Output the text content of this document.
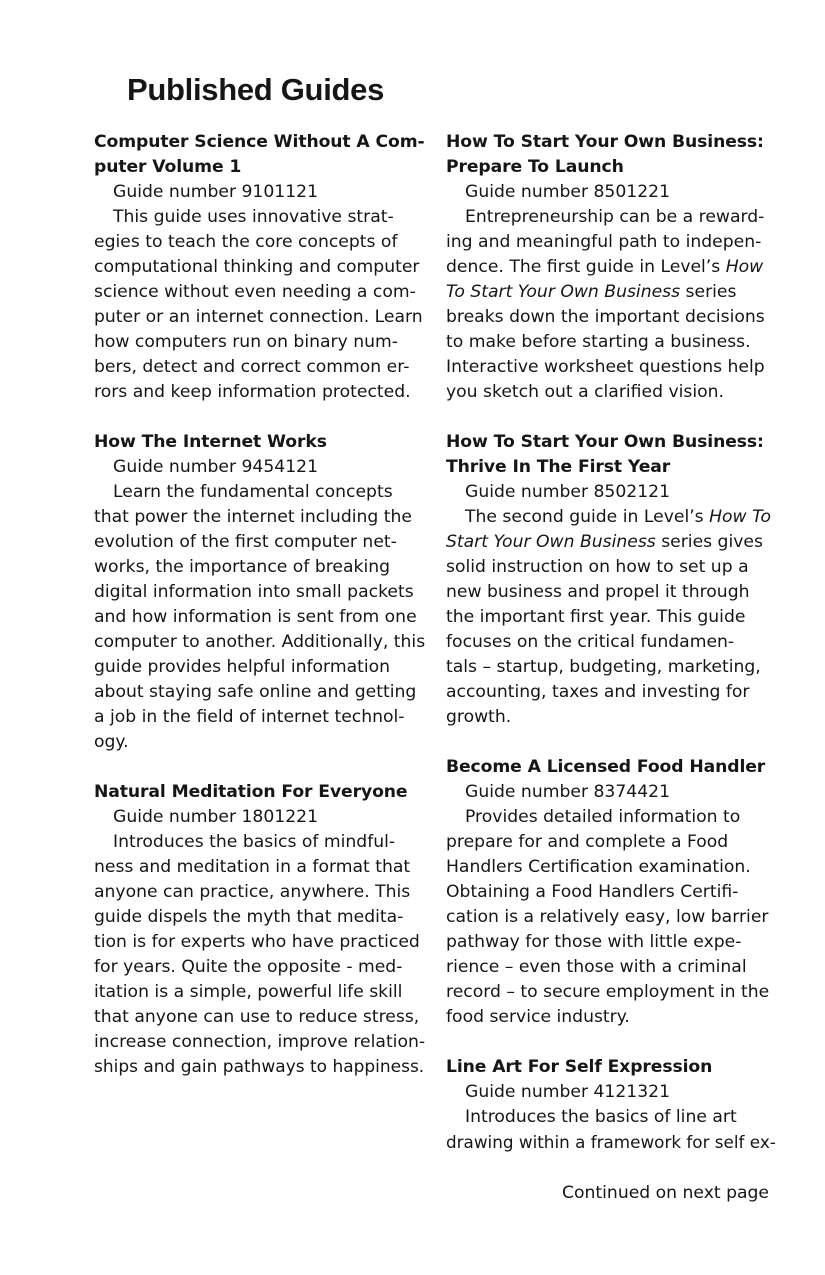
Published Guides
Computer Science Without A Com-
puter Volume 1
Guide number 9101121
This guide uses innovative strat-
egies to teach the core concepts of
computational thinking and computer
science without even needing a com-
puter or an internet connection. Learn
how computers run on binary num-
bers, detect and correct common er-
rors and keep information protected.
How The Internet Works
Guide number 9454121
Learn the fundamental concepts
that power the internet including the
evolution of the first computer net-
works, the importance of breaking
digital information into small packets
and how information is sent from one
computer to another. Additionally, this
guide provides helpful information
about staying safe online and getting
a job in the field of internet technol-
ogy.
Natural Meditation For Everyone
Guide number 1801221
Introduces the basics of mindful-
ness and meditation in a format that
anyone can practice, anywhere. This
guide dispels the myth that medita-
tion is for experts who have practiced
for years. Quite the opposite - med-
itation is a simple, powerful life skill
that anyone can use to reduce stress,
increase connection, improve relation-
ships and gain pathways to happiness.
How To Start Your Own Business:
Prepare To Launch
Guide number 8501221
Entrepreneurship can be a reward-
ing and meaningful path to indepen-
dence. The first guide in Level’s How
To Start Your Own Business series
breaks down the important decisions
to make before starting a business.
Interactive worksheet questions help
you sketch out a clarified vision.
How To Start Your Own Business:
Thrive In The First Year
Guide number 8502121
The second guide in Level’s How To
Start Your Own Business series gives
solid instruction on how to set up a
new business and propel it through
the important first year. This guide
focuses on the critical fundamen-
tals – startup, budgeting, marketing,
accounting, taxes and investing for
growth.
Become A Licensed Food Handler
Guide number 8374421
Provides detailed information to
prepare for and complete a Food
Handlers Certification examination.
Obtaining a Food Handlers Certifi-
cation is a relatively easy, low barrier
pathway for those with little expe-
rience – even those with a criminal
record – to secure employment in the
food service industry.
Line Art For Self Expression
Guide number 4121321
Introduces the basics of line art
drawing within a framework for self ex-
Continued on next page
